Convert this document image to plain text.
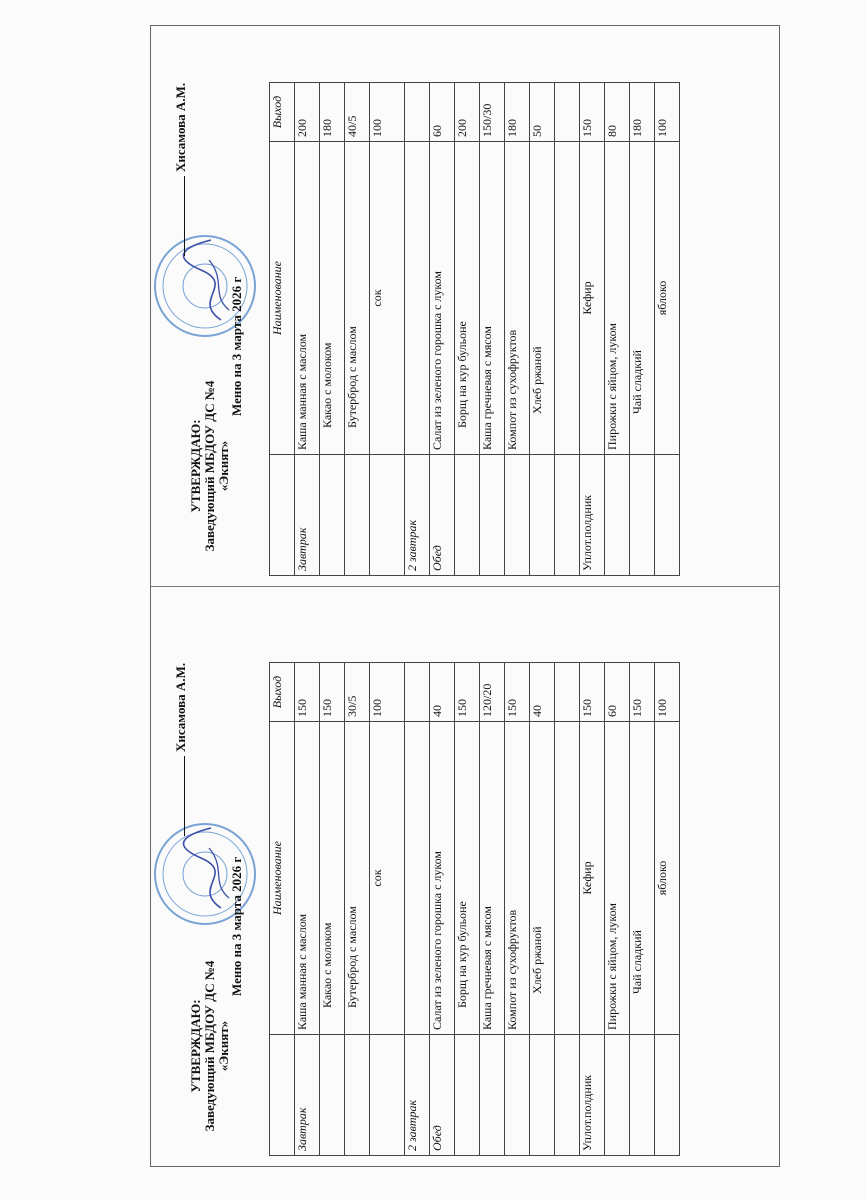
УТВЕРЖДАЮ: Заведующий МБДОУ ДС №4 «Экият»
Хисамова А.М.
Меню на 3 марта 2026 г
	Наименование	Выход
Завтрак	Каша манная с маслом	200
	Какао с молоком	180
	Бутерброд с маслом	40/5
	сок	100
2 завтрак		
Обед	Салат из зеленого горошка с луком	60
	Борщ на кур бульоне	200
	Каша гречневая с мясом	150/30
	Компот из сухофруктов	180
	Хлеб ржаной	50

Уплот.полдник	Кефир	150
	Пирожки с яйцом, луком	80
	Чай сладкий	180
	яблоко	100
УТВЕРЖДАЮ: Заведующий МБДОУ ДС №4 «Экият»
Хисамова А.М.
Меню на 3 марта 2026 г
	Наименование	Выход
Завтрак	Каша манная с маслом	150
	Какао с молоком	150
	Бутерброд с маслом	30/5
	сок	100
2 завтрак		
Обед	Салат из зеленого горошка с луком	40
	Борщ на кур бульоне	150
	Каша гречневая с мясом	120/20
	Компот из сухофруктов	150
	Хлеб ржаной	40

Уплот.полдник	Кефир	150
	Пирожки с яйцом, луком	60
	Чай сладкий	150
	яблоко	100
